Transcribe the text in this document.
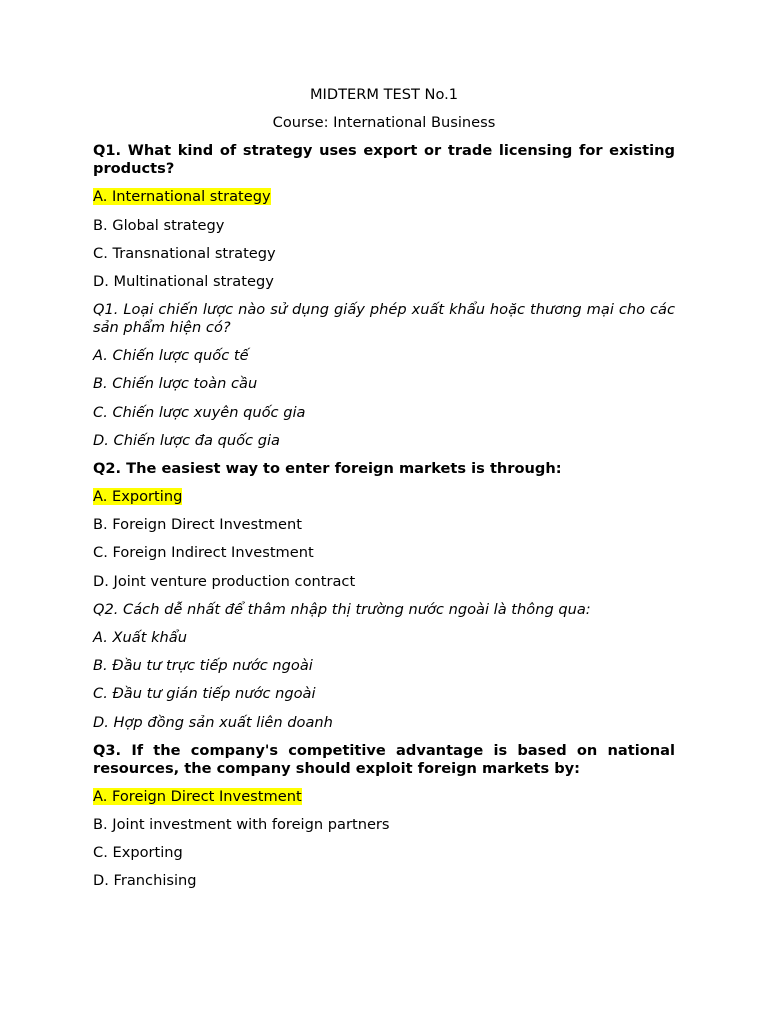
MIDTERM TEST No.1
Course: International Business
Q1. What kind of strategy uses export or trade licensing for existing products?
A. International strategy
B. Global strategy
C. Transnational strategy
D. Multinational strategy
Q1. Loại chiến lược nào sử dụng giấy phép xuất khẩu hoặc thương mại cho các sản phẩm hiện có?
A. Chiến lược quốc tế
B. Chiến lược toàn cầu
C. Chiến lược xuyên quốc gia
D. Chiến lược đa quốc gia
Q2. The easiest way to enter foreign markets is through:
A. Exporting
B. Foreign Direct Investment
C. Foreign Indirect Investment
D. Joint venture production contract
Q2. Cách dễ nhất để thâm nhập thị trường nước ngoài là thông qua:
A. Xuất khẩu
B. Đầu tư trực tiếp nước ngoài
C. Đầu tư gián tiếp nước ngoài
D. Hợp đồng sản xuất liên doanh
Q3. If the company's competitive advantage is based on national resources, the company should exploit foreign markets by:
A. Foreign Direct Investment
B. Joint investment with foreign partners
C. Exporting
D. Franchising
